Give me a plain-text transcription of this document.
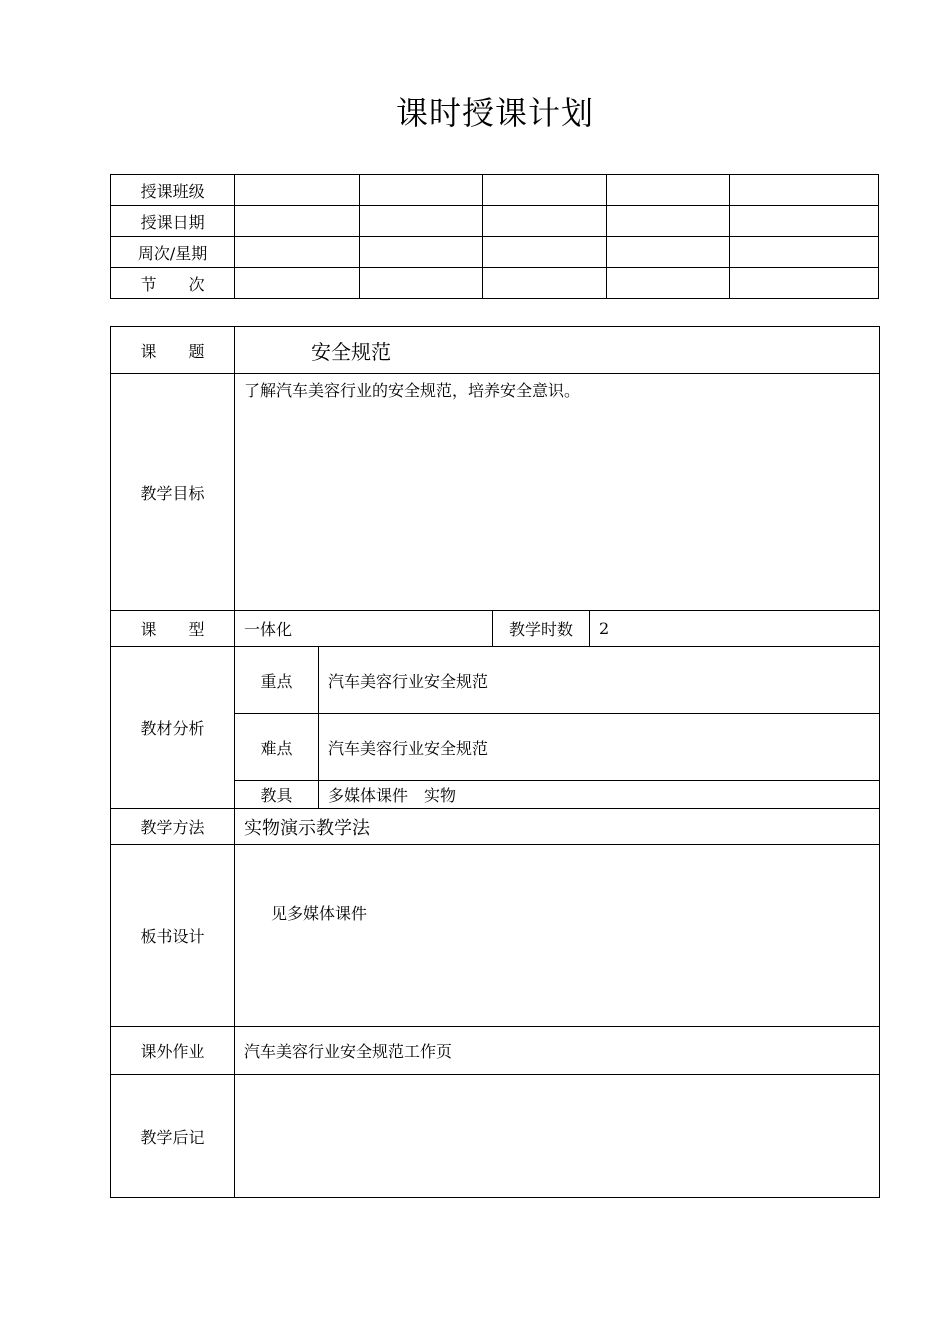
课时授课计划
授课班级					
授课日期					
周次/星期					
节　　次					
课　　题	安全规范			
教学目标	了解汽车美容行业的安全规范，培养安全意识。			
课　　型	一体化		教学时数	2
教材分析	重点	汽车美容行业安全规范		
	难点	汽车美容行业安全规范		
	教具	多媒体课件　实物		
教学方法	实物演示教学法			
板书设计	见多媒体课件			
课外作业	汽车美容行业安全规范工作页			
教学后记				
